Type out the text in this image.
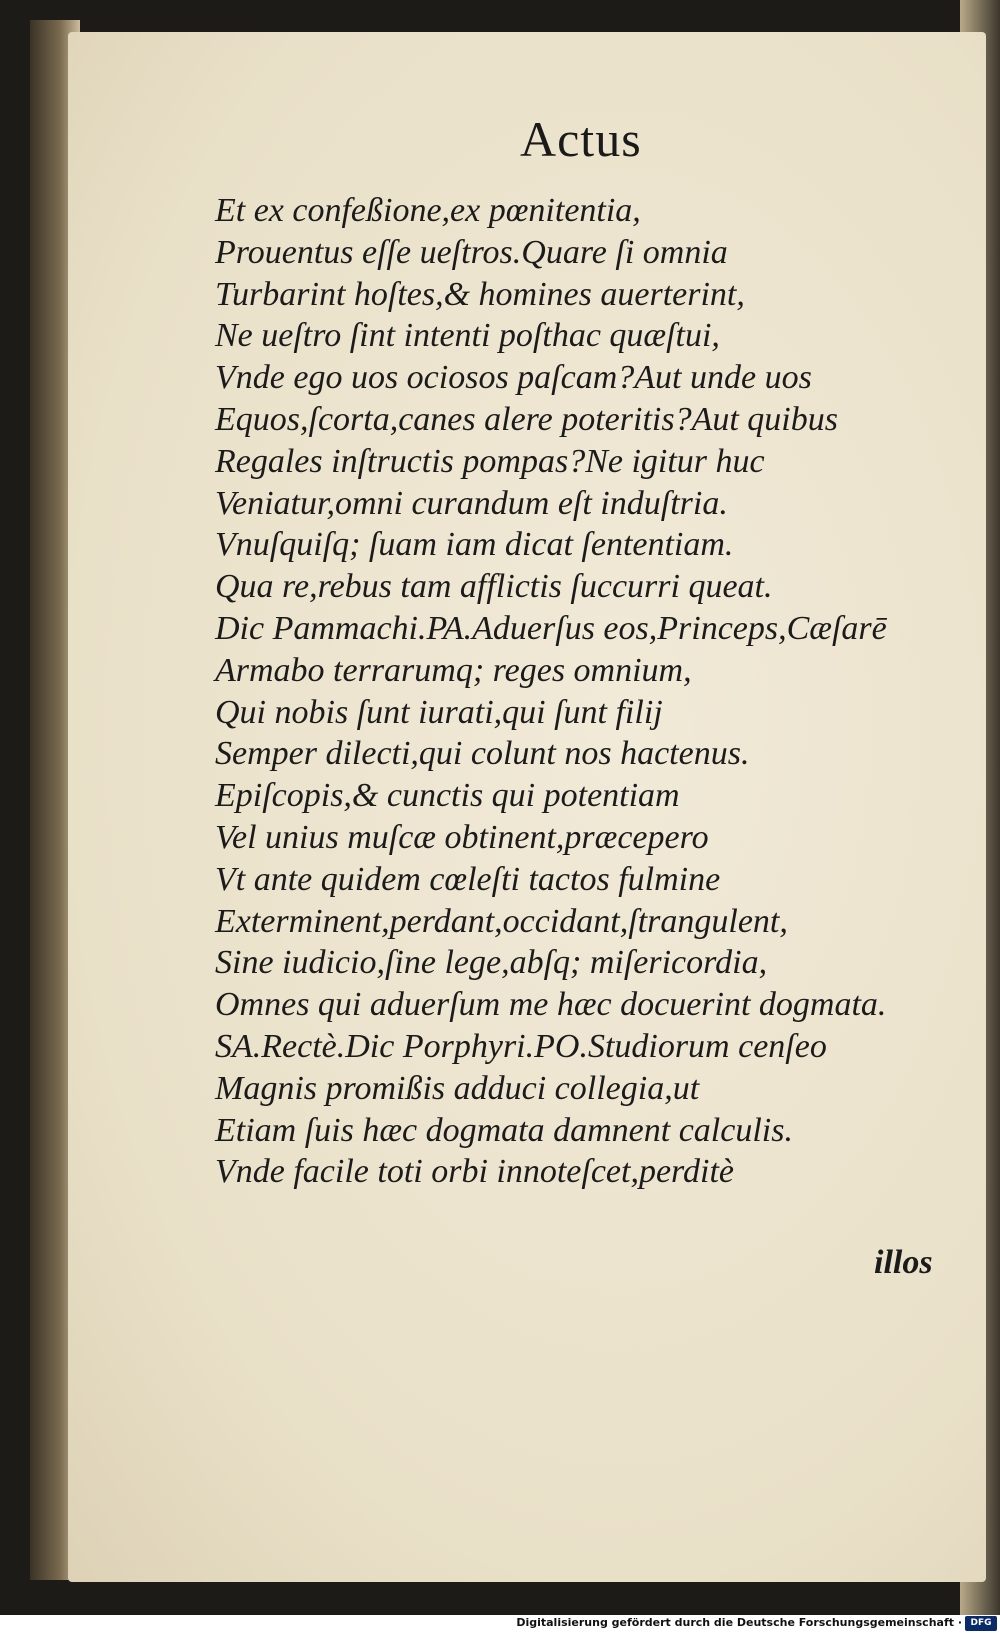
Actus
Et ex confeßione,ex pœnitentia,
Prouentus eſſe ueſtros.Quare ſi omnia
Turbarint hoſtes,& homines auerterint,
Ne ueſtro ſint intenti poſthac quæſtui,
Vnde ego uos ociosos paſcam?Aut unde uos
Equos,ſcorta,canes alere poteritis?Aut quibus
Regales inſtructis pompas?Ne igitur huc
Veniatur,omni curandum eſt induſtria.
Vnuſquiſq; ſuam iam dicat ſententiam.
Qua re,rebus tam afflictis ſuccurri queat.
Dic Pammachi.PA.Aduerſus eos,Princeps,Cæſarē
Armabo terrarumq; reges omnium,
Qui nobis ſunt iurati,qui ſunt filij
Semper dilecti,qui colunt nos hactenus.
Epiſcopis,& cunctis qui potentiam
Vel unius muſcæ obtinent,præcepero
Vt ante quidem cœleſti tactos fulmine
Exterminent,perdant,occidant,ſtrangulent,
Sine iudicio,ſine lege,abſq; miſericordia,
Omnes qui aduerſum me hæc docuerint dogmata.
SA.Rectè.Dic Porphyri.PO.Studiorum cenſeo
Magnis promißis adduci collegia,ut
Etiam ſuis hæc dogmata damnent calculis.
Vnde facile toti orbi innoteſcet,perditè
illos
Digitalisierung gefördert durch die Deutsche Forschungsgemeinschaft · DFG
